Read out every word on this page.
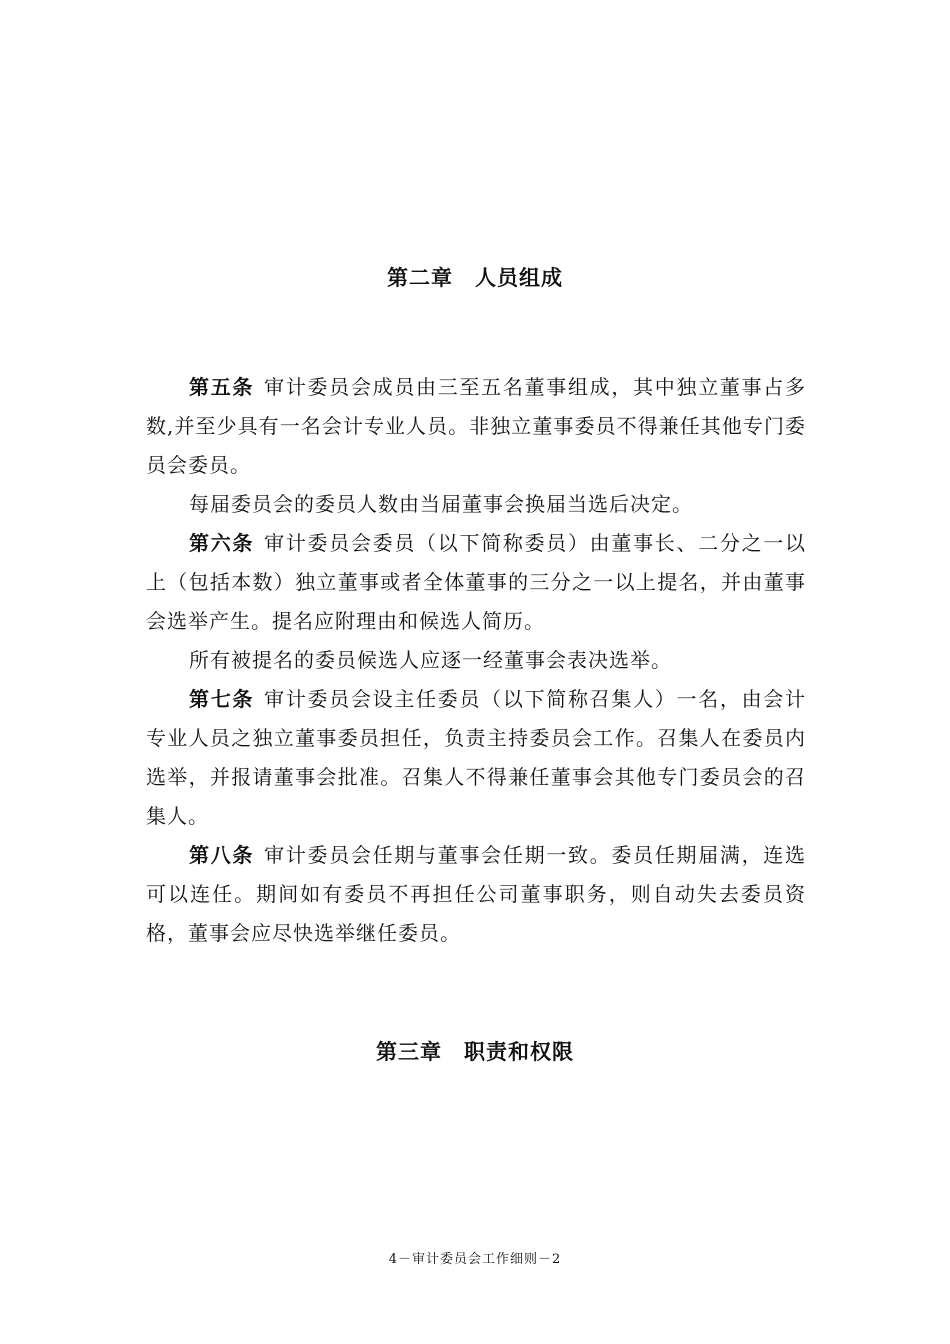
第二章 人员组成

第五条 审计委员会成员由三至五名董事组成，其中独立董事占多数,并至少具有一名会计专业人员。非独立董事委员不得兼任其他专门委员会委员。

每届委员会的委员人数由当届董事会换届当选后决定。

第六条 审计委员会委员（以下简称委员）由董事长、二分之一以上（包括本数）独立董事或者全体董事的三分之一以上提名，并由董事会选举产生。提名应附理由和候选人简历。

所有被提名的委员候选人应逐一经董事会表决选举。

第七条 审计委员会设主任委员（以下简称召集人）一名，由会计专业人员之独立董事委员担任，负责主持委员会工作。召集人在委员内选举，并报请董事会批准。召集人不得兼任董事会其他专门委员会的召集人。

第八条 审计委员会任期与董事会任期一致。委员任期届满，连选可以连任。期间如有委员不再担任公司董事职务，则自动失去委员资格，董事会应尽快选举继任委员。

第三章 职责和权限
4－审计委员会工作细则－2
